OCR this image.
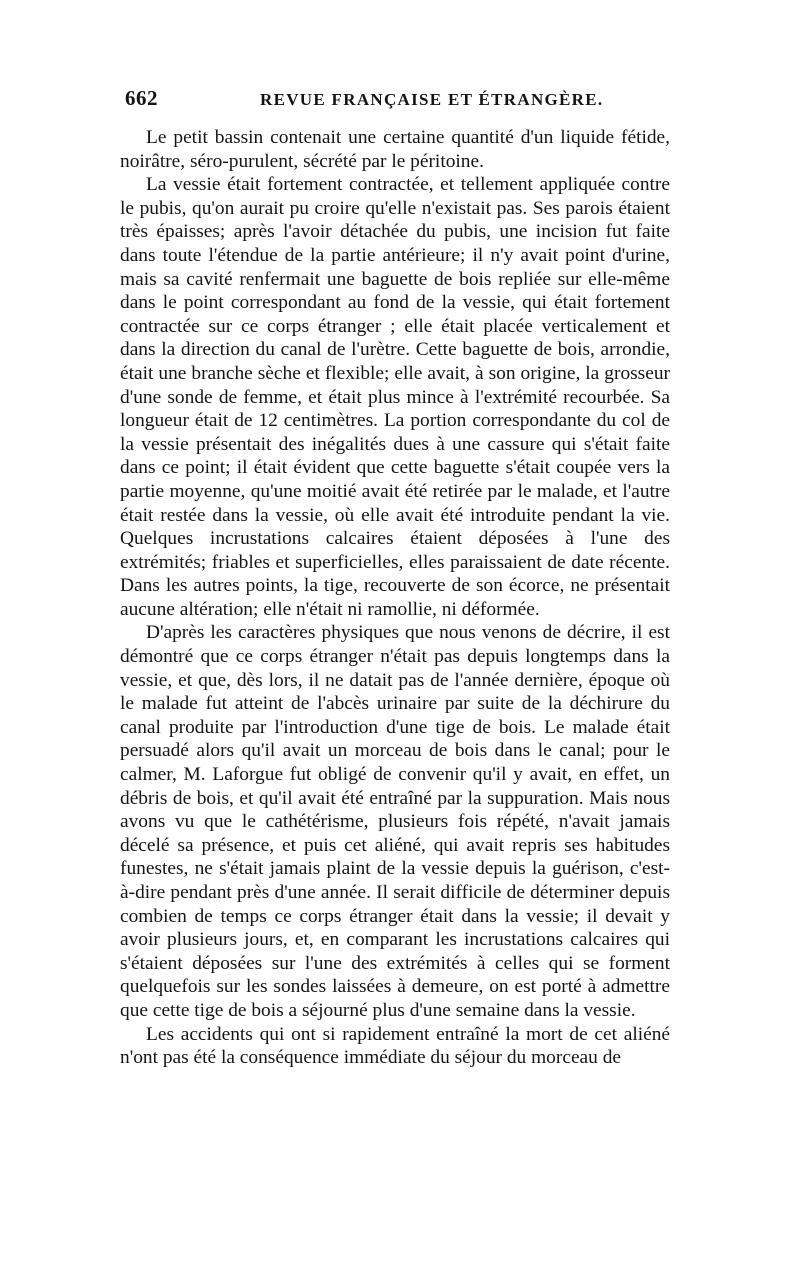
662	REVUE FRANÇAISE ET ÉTRANGÈRE.

Le petit bassin contenait une certaine quantité d'un liquide fétide, noirâtre, séro-purulent, sécrété par le péritoine.

La vessie était fortement contractée, et tellement appliquée contre le pubis, qu'on aurait pu croire qu'elle n'existait pas. Ses parois étaient très épaisses; après l'avoir détachée du pubis, une incision fut faite dans toute l'étendue de la partie antérieure; il n'y avait point d'urine, mais sa cavité renfermait une baguette de bois repliée sur elle-même dans le point correspondant au fond de la vessie, qui était fortement contractée sur ce corps étranger ; elle était placée verticalement et dans la direction du canal de l'urètre. Cette baguette de bois, arrondie, était une branche sèche et flexible; elle avait, à son origine, la grosseur d'une sonde de femme, et était plus mince à l'extrémité recourbée. Sa longueur était de 12 centimètres. La portion correspondante du col de la vessie présentait des inégalités dues à une cassure qui s'était faite dans ce point; il était évident que cette baguette s'était coupée vers la partie moyenne, qu'une moitié avait été retirée par le malade, et l'autre était restée dans la vessie, où elle avait été introduite pendant la vie. Quelques incrustations calcaires étaient déposées à l'une des extrémités; friables et superficielles, elles paraissaient de date récente. Dans les autres points, la tige, recouverte de son écorce, ne présentait aucune altération; elle n'était ni ramollie, ni déformée.

D'après les caractères physiques que nous venons de décrire, il est démontré que ce corps étranger n'était pas depuis longtemps dans la vessie, et que, dès lors, il ne datait pas de l'année dernière, époque où le malade fut atteint de l'abcès urinaire par suite de la déchirure du canal produite par l'introduction d'une tige de bois. Le malade était persuadé alors qu'il avait un morceau de bois dans le canal; pour le calmer, M. Laforgue fut obligé de convenir qu'il y avait, en effet, un débris de bois, et qu'il avait été entraîné par la suppuration. Mais nous avons vu que le cathétérisme, plusieurs fois répété, n'avait jamais décelé sa présence, et puis cet aliéné, qui avait repris ses habitudes funestes, ne s'était jamais plaint de la vessie depuis la guérison, c'est-à-dire pendant près d'une année. Il serait difficile de déterminer depuis combien de temps ce corps étranger était dans la vessie; il devait y avoir plusieurs jours, et, en comparant les incrustations calcaires qui s'étaient déposées sur l'une des extrémités à celles qui se forment quelquefois sur les sondes laissées à demeure, on est porté à admettre que cette tige de bois a séjourné plus d'une semaine dans la vessie.

Les accidents qui ont si rapidement entraîné la mort de cet aliéné n'ont pas été la conséquence immédiate du séjour du morceau de
